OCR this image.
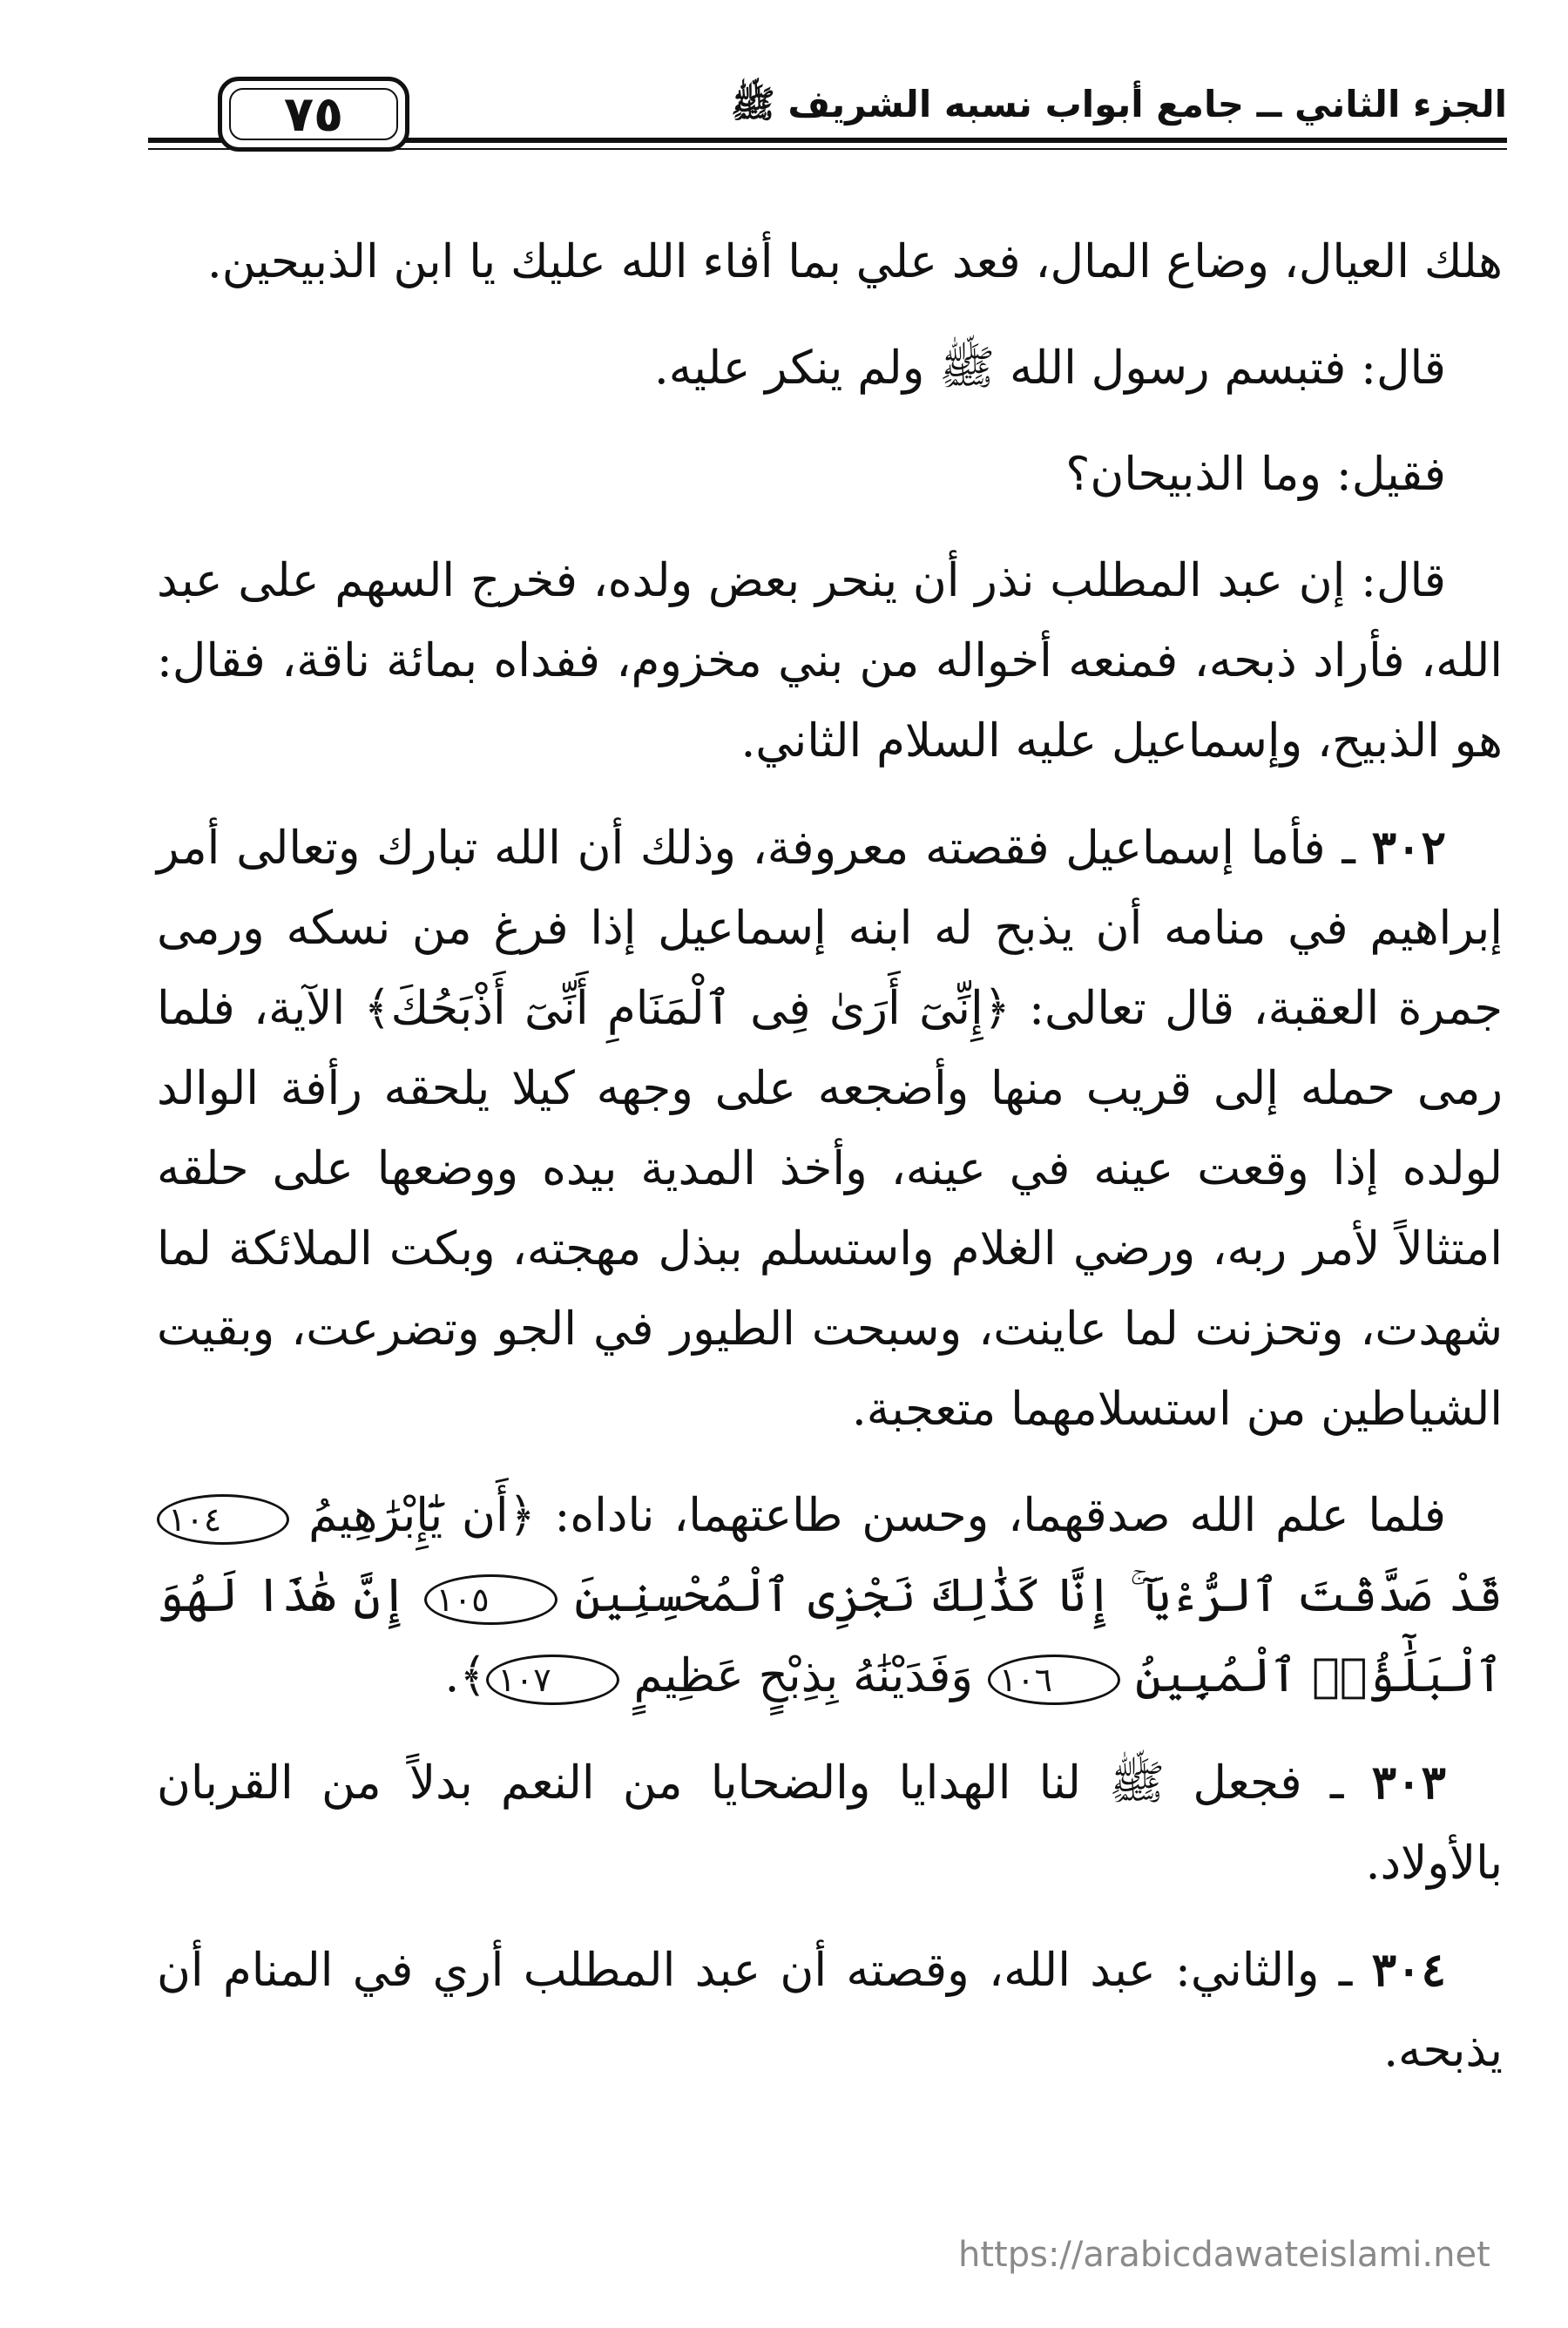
الجزء الثاني ــ جامع أبواب نسبه الشريف ﷺ
٧٥

هلك العيال، وضاع المال، فعد علي بما أفاء الله عليك يا ابن الذبيحين.

قال: فتبسم رسول الله ﷺ ولم ينكر عليه.

فقيل: وما الذبيحان؟

قال: إن عبد المطلب نذر أن ينحر بعض ولده، فخرج السهم على عبد الله، فأراد ذبحه، فمنعه أخواله من بني مخزوم، ففداه بمائة ناقة، فقال: هو الذبيح، وإسماعيل عليه السلام الثاني.

٣٠٢ ـ فأما إسماعيل فقصته معروفة، وذلك أن الله تبارك وتعالى أمر إبراهيم في منامه أن يذبح له ابنه إسماعيل إذا فرغ من نسكه ورمى جمرة العقبة، قال تعالى: ﴿إِنِّىٓ أَرَىٰ فِى ٱلْمَنَامِ أَنِّىٓ أَذْبَحُكَ﴾ الآية، فلما رمى حمله إلى قريب منها وأضجعه على وجهه كيلا يلحقه رأفة الوالد لولده إذا وقعت عينه في عينه، وأخذ المدية بيده ووضعها على حلقه امتثالاً لأمر ربه، ورضي الغلام واستسلم ببذل مهجته، وبكت الملائكة لما شهدت، وتحزنت لما عاينت، وسبحت الطيور في الجو وتضرعت، وبقيت الشياطين من استسلامهما متعجبة.

فلما علم الله صدقهما، وحسن طاعتهما، ناداه: ﴿أَن يَٰٓإِبْرَٰهِيمُ ١٠٤ قَدْ صَدَّقْتَ ٱلرُّءْيَآ ۚ إِنَّا كَذَٰلِكَ نَجْزِى ٱلْمُحْسِنِينَ ١٠٥ إِنَّ هَٰذَا لَهُوَ ٱلْبَلَٰٓؤُا۟ ٱلْمُبِينُ ١٠٦ وَفَدَيْنَٰهُ بِذِبْحٍ عَظِيمٍ ١٠٧﴾.

٣٠٣ ـ فجعل ﷺ لنا الهدايا والضحايا من النعم بدلاً من القربان بالأولاد.

٣٠٤ ـ والثاني: عبد الله، وقصته أن عبد المطلب أري في المنام أن يذبحه.

https://arabicdawateislami.net
